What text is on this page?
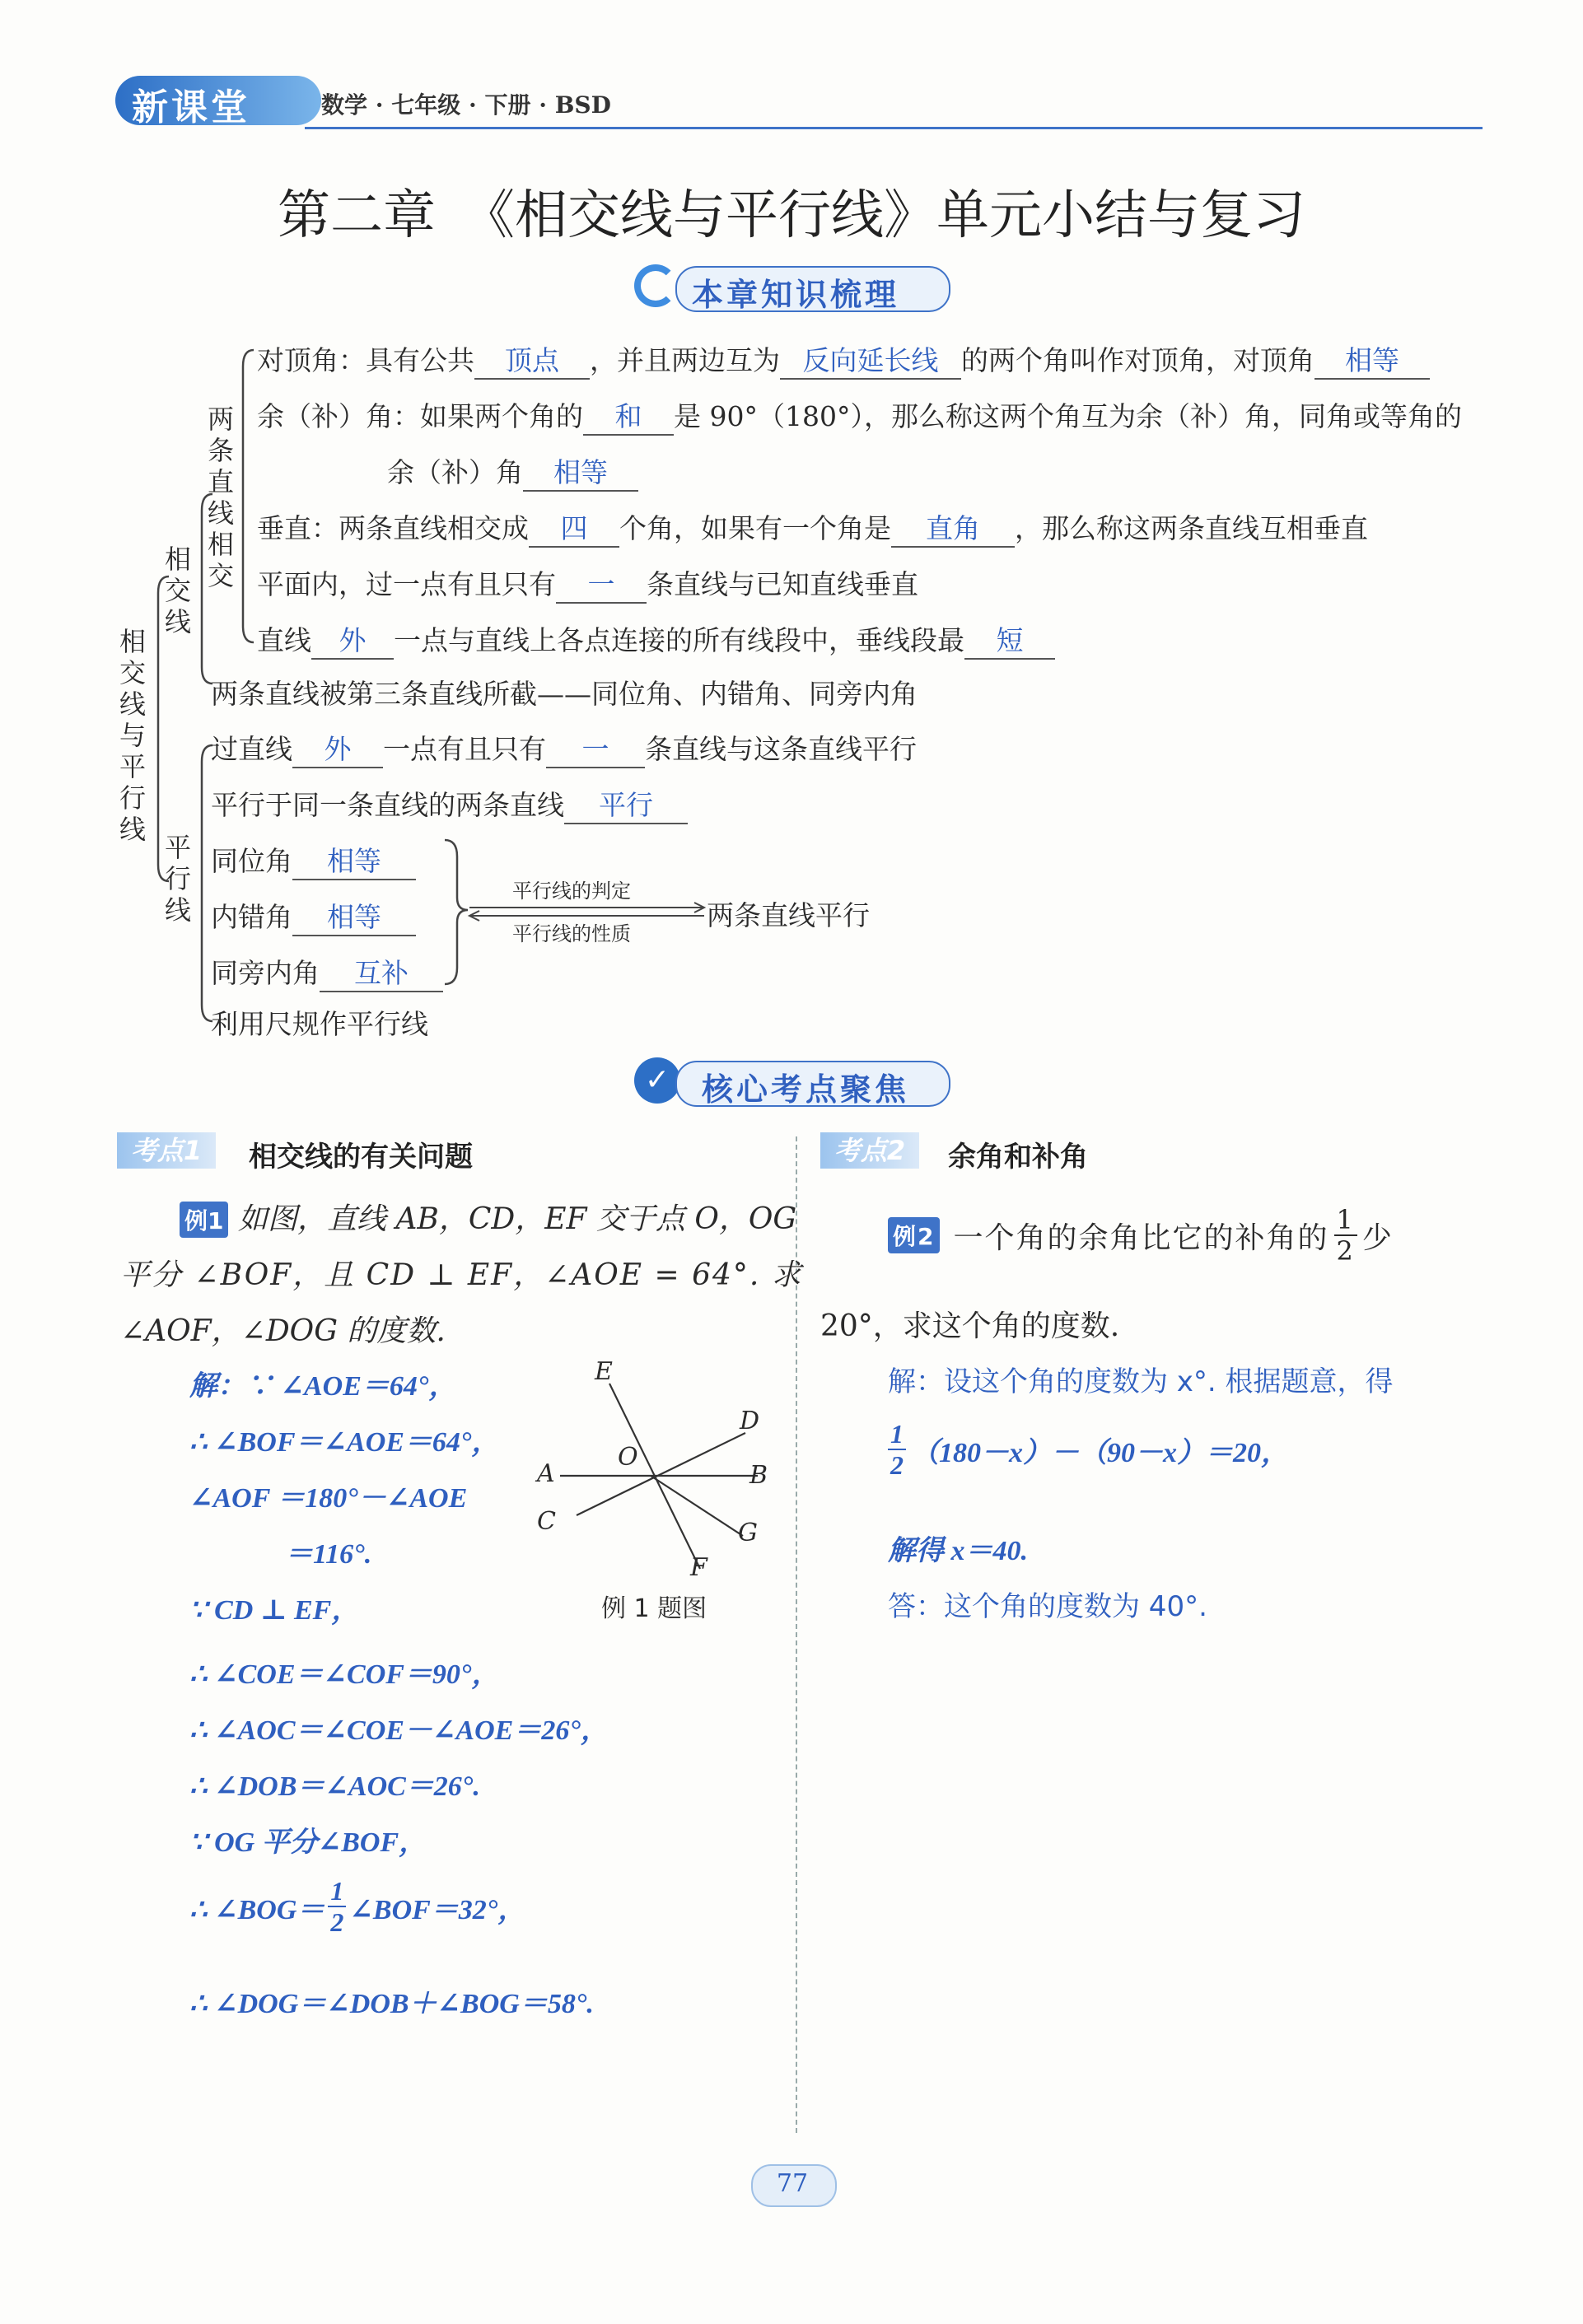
新课堂	数学 · 七年级 · 下册 · BSD
第二章　《相交线与平行线》单元小结与复习
本章知识梳理
相交线与平行线
相交线
两条直线相交
平行线
对顶角：具有公共 顶点 ，并且两边互为 反向延长线 的两个角叫作对顶角，对顶角 相等
余（补）角：如果两个角的 和 是 90°（180°），那么称这两个角互为余（补）角，同角或等角的
余（补）角 相等
垂直：两条直线相交成 四 个角，如果有一个角是 直角 ，那么称这两条直线互相垂直
平面内，过一点有且只有 一 条直线与已知直线垂直
直线 外 一点与直线上各点连接的所有线段中，垂线段最 短
两条直线被第三条直线所截——同位角、内错角、同旁内角
过直线 外 一点有且只有 一 条直线与这条直线平行
平行于同一条直线的两条直线 平行
同位角 相等
内错角 相等
同旁内角 互补
利用尺规作平行线
平行线的判定
平行线的性质
两条直线平行
✓	核心考点聚焦
考点1	相交线的有关问题
例1 如图，直线 AB，CD，EF 交于点 O，OG
平分 ∠BOF，且 CD ⊥ EF，∠AOE = 64°. 求
∠AOF，∠DOG 的度数.
解：∵ ∠AOE＝64°，
∴ ∠BOF＝∠AOE＝64°，
∠AOF ＝180°－∠AOE
＝116°.
∵ CD ⊥ EF，
∴ ∠COE＝∠COF＝90°，
∴ ∠AOC＝∠COE－∠AOE＝26°，
∴ ∠DOB＝∠AOC＝26°.
∵ OG 平分∠BOF，
∴ ∠BOG＝ $\frac{1}{2}$ ∠BOF＝32°，
∴ ∠DOG＝∠DOB＋∠BOG＝58°.
E
D
A
O
B
C	G
F
例 1 题图
考点2	余角和补角
例2 一个角的余角比它的补角的 $\frac{1}{2}$ 少
20°，求这个角的度数.
解：设这个角的度数为 x°. 根据题意，得
$\frac{1}{2} (180-x)-(90-x)=20$，
解得 x＝40.
答：这个角的度数为 40°.
77
